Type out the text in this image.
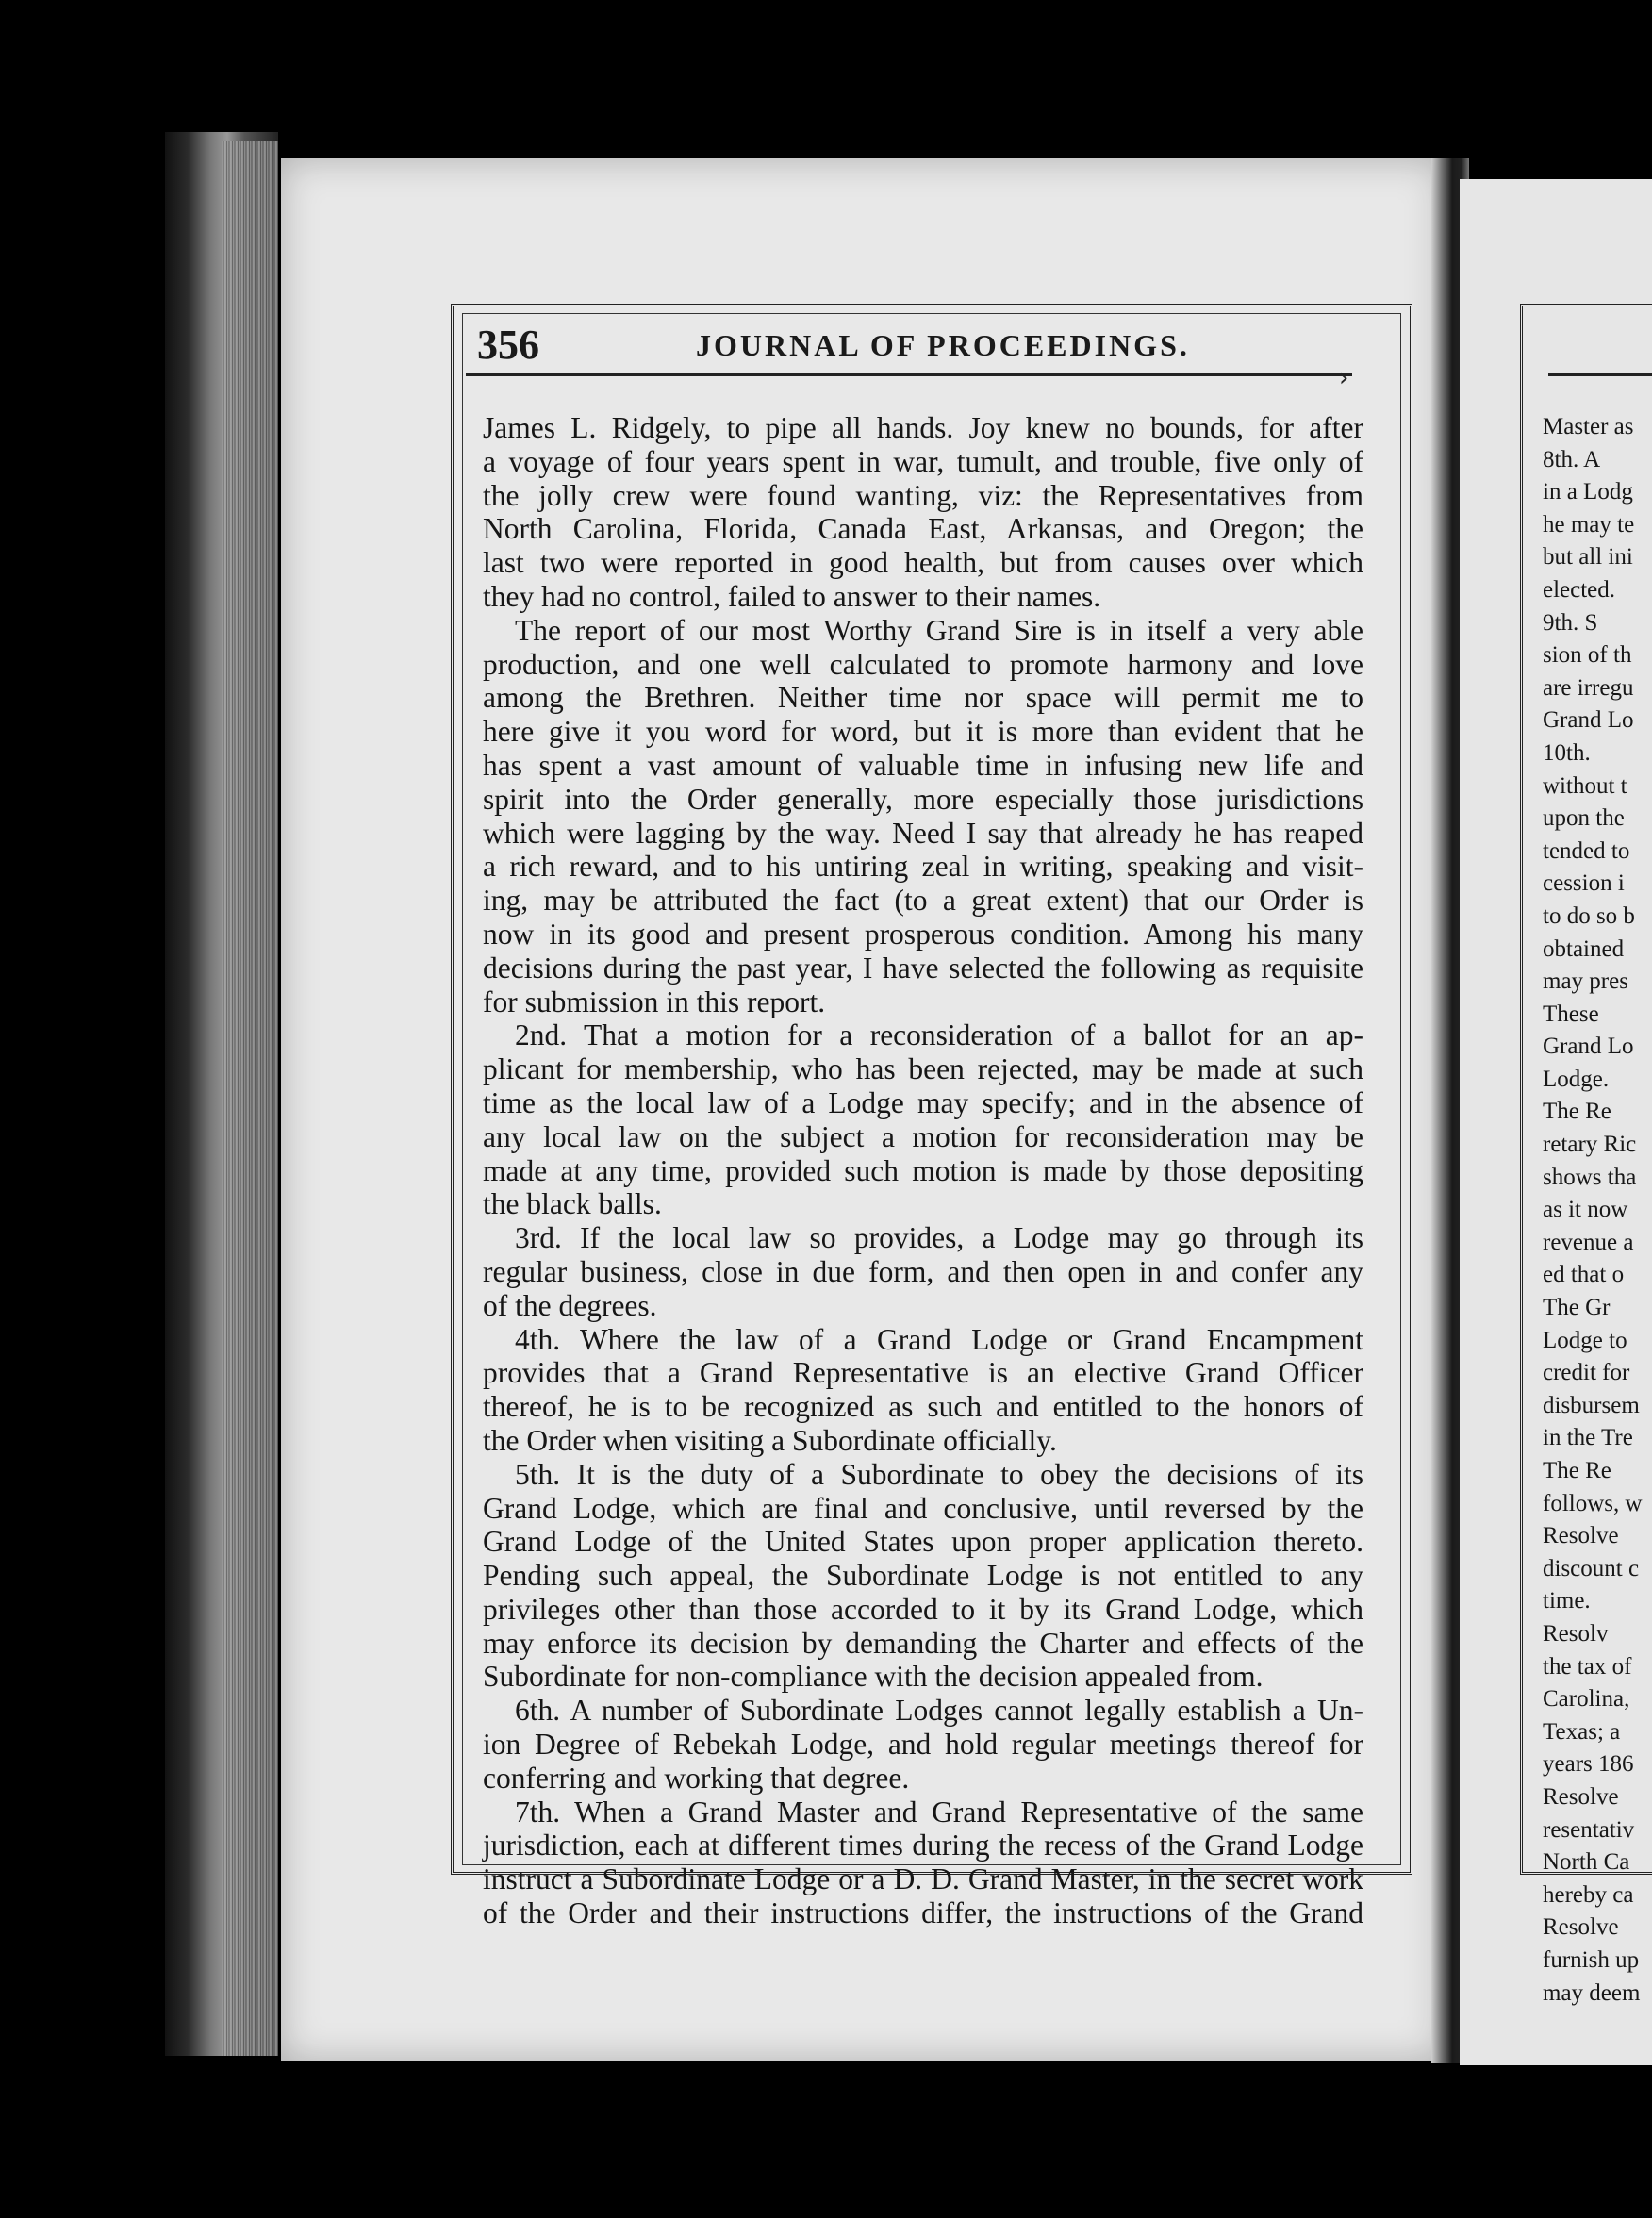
356	JOURNAL OF PROCEEDINGS.
›
James L. Ridgely, to pipe all hands. Joy knew no bounds, for after
a voyage of four years spent in war, tumult, and trouble, five only of
the jolly crew were found wanting, viz: the Representatives from
North Carolina, Florida, Canada East, Arkansas, and Oregon; the
last two were reported in good health, but from causes over which
they had no control, failed to answer to their names.
The report of our most Worthy Grand Sire is in itself a very able
production, and one well calculated to promote harmony and love
among the Brethren. Neither time nor space will permit me to
here give it you word for word, but it is more than evident that he
has spent a vast amount of valuable time in infusing new life and
spirit into the Order generally, more especially those jurisdictions
which were lagging by the way. Need I say that already he has reaped
a rich reward, and to his untiring zeal in writing, speaking and visit-
ing, may be attributed the fact (to a great extent) that our Order is
now in its good and present prosperous condition. Among his many
decisions during the past year, I have selected the following as requisite
for submission in this report.
2nd. That a motion for a reconsideration of a ballot for an ap-
plicant for membership, who has been rejected, may be made at such
time as the local law of a Lodge may specify; and in the absence of
any local law on the subject a motion for reconsideration may be
made at any time, provided such motion is made by those depositing
the black balls.
3rd. If the local law so provides, a Lodge may go through its
regular business, close in due form, and then open in and confer any
of the degrees.
4th. Where the law of a Grand Lodge or Grand Encampment
provides that a Grand Representative is an elective Grand Officer
thereof, he is to be recognized as such and entitled to the honors of
the Order when visiting a Subordinate officially.
5th. It is the duty of a Subordinate to obey the decisions of its
Grand Lodge, which are final and conclusive, until reversed by the
Grand Lodge of the United States upon proper application thereto.
Pending such appeal, the Subordinate Lodge is not entitled to any
privileges other than those accorded to it by its Grand Lodge, which
may enforce its decision by demanding the Charter and effects of the
Subordinate for non-compliance with the decision appealed from.
6th. A number of Subordinate Lodges cannot legally establish a Un-
ion Degree of Rebekah Lodge, and hold regular meetings thereof for
conferring and working that degree.
7th. When a Grand Master and Grand Representative of the same
jurisdiction, each at different times during the recess of the Grand Lodge
instruct a Subordinate Lodge or a D. D. Grand Master, in the secret work
of the Order and their instructions differ, the instructions of the Grand
Master as
8th. A
in a Lodg
he may te
but all ini
elected.
9th. S
sion of th
are irregu
Grand Lo
10th.
without t
upon the
tended to
cession i
to do so b
obtained
may pres
These
Grand Lo
Lodge.
The Re
retary Ric
shows tha
as it now
revenue a
ed that o
The Gr
Lodge to
credit for
disbursem
in the Tre
The Re
follows, w
Resolve
discount c
time.
Resolv
the tax of
Carolina,
Texas; a
years 186
Resolve
resentativ
North Ca
hereby ca
Resolve
furnish up
may deem
